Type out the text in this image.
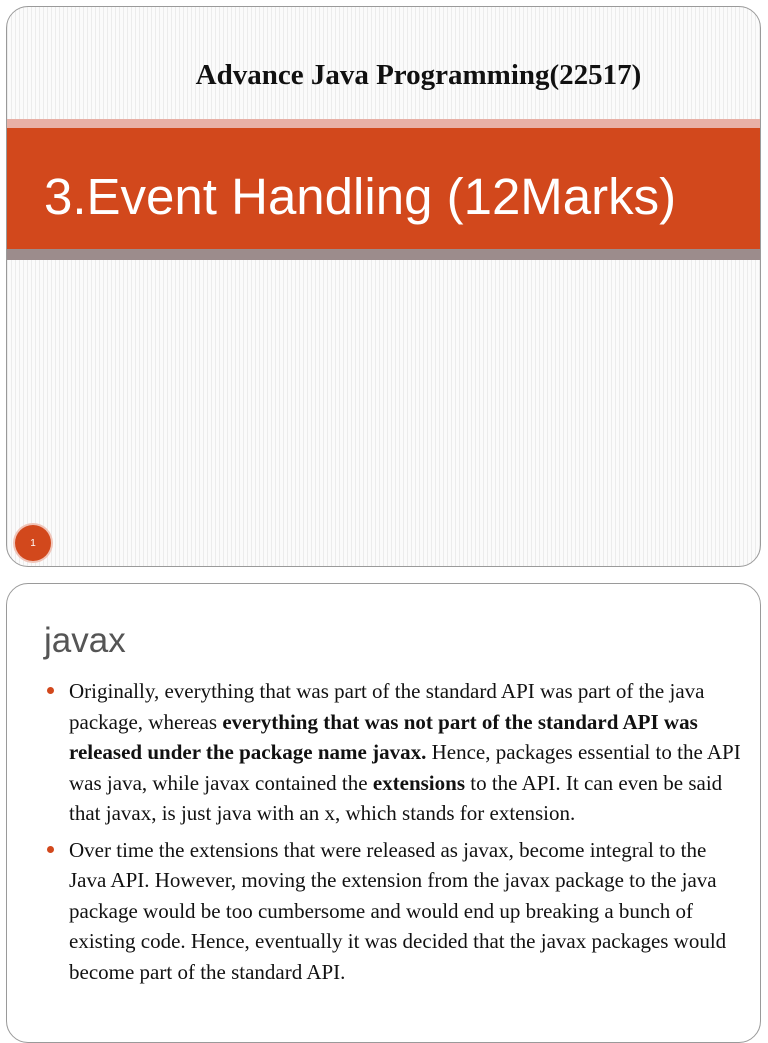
Advance Java Programming(22517)
3.Event Handling (12Marks)
1
javax
Originally, everything that was part of the standard API was part of the java package, whereas everything that was not part of the standard API was released under the package name javax. Hence, packages essential to the API was java, while javax contained the extensions to the API. It can even be said that javax, is just java with an x, which stands for extension.
Over time the extensions that were released as javax, become integral to the Java API. However, moving the extension from the javax package to the java package would be too cumbersome and would end up breaking a bunch of existing code. Hence, eventually it was decided that the javax packages would become part of the standard API.
